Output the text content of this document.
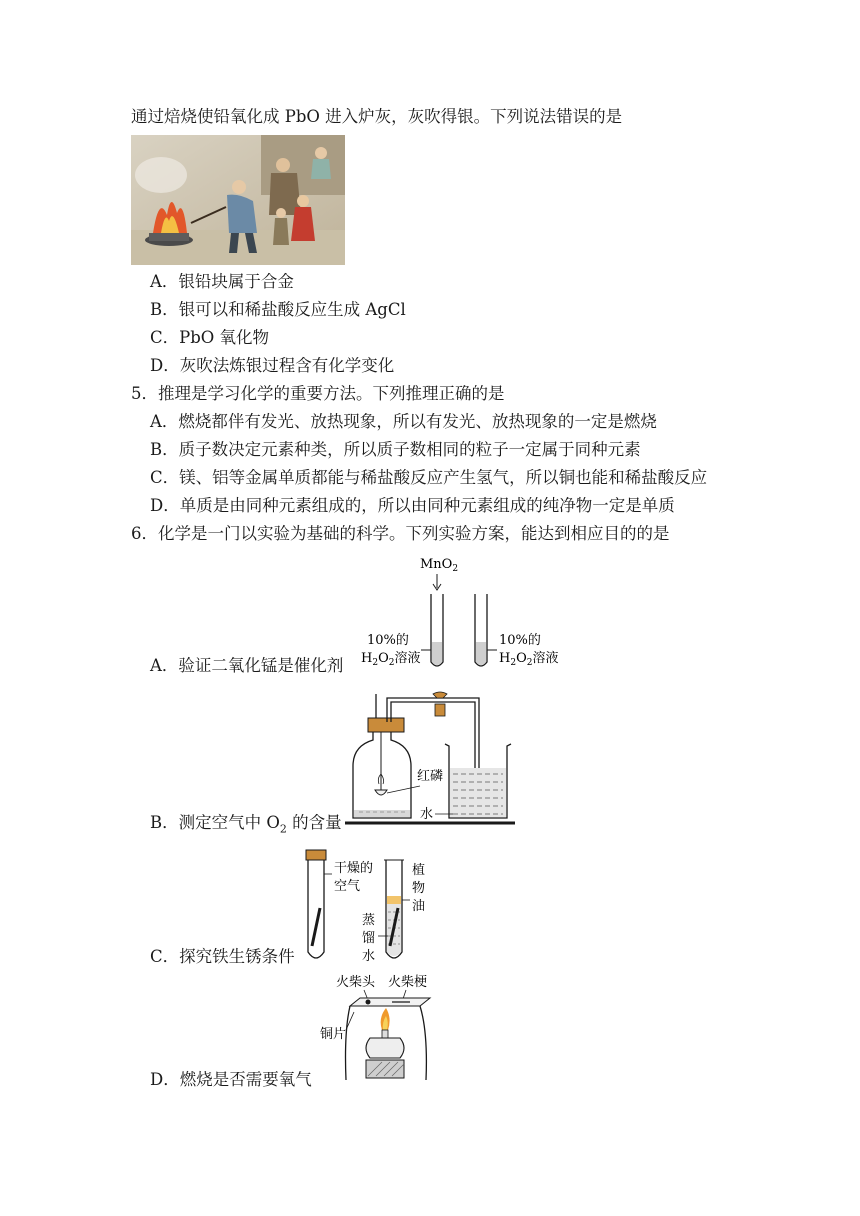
通过焙烧使铅氧化成 PbO 进入炉灰，灰吹得银。下列说法错误的是
A．银铅块属于合金
B．银可以和稀盐酸反应生成 AgCl
C．PbO 氧化物
D．灰吹法炼银过程含有化学变化
5．推理是学习化学的重要方法。下列推理正确的是
A．燃烧都伴有发光、放热现象，所以有发光、放热现象的一定是燃烧
B．质子数决定元素种类，所以质子数相同的粒子一定属于同种元素
C．镁、铝等金属单质都能与稀盐酸反应产生氢气，所以铜也能和稀盐酸反应
D．单质是由同种元素组成的，所以由同种元素组成的纯净物一定是单质
6．化学是一门以实验为基础的科学。下列实验方案，能达到相应目的的是
MnO$_2$
10%的
$H_2O_2$溶液
10%的
$H_2O_2$溶液
A．验证二氧化锰是催化剂
红磷
水
B．测定空气中 $O_2$ 的含量
干燥的
空气
植
物
油
蒸
馏
水
C．探究铁生锈条件
火柴头 火柴梗
铜片
D．燃烧是否需要氧气
